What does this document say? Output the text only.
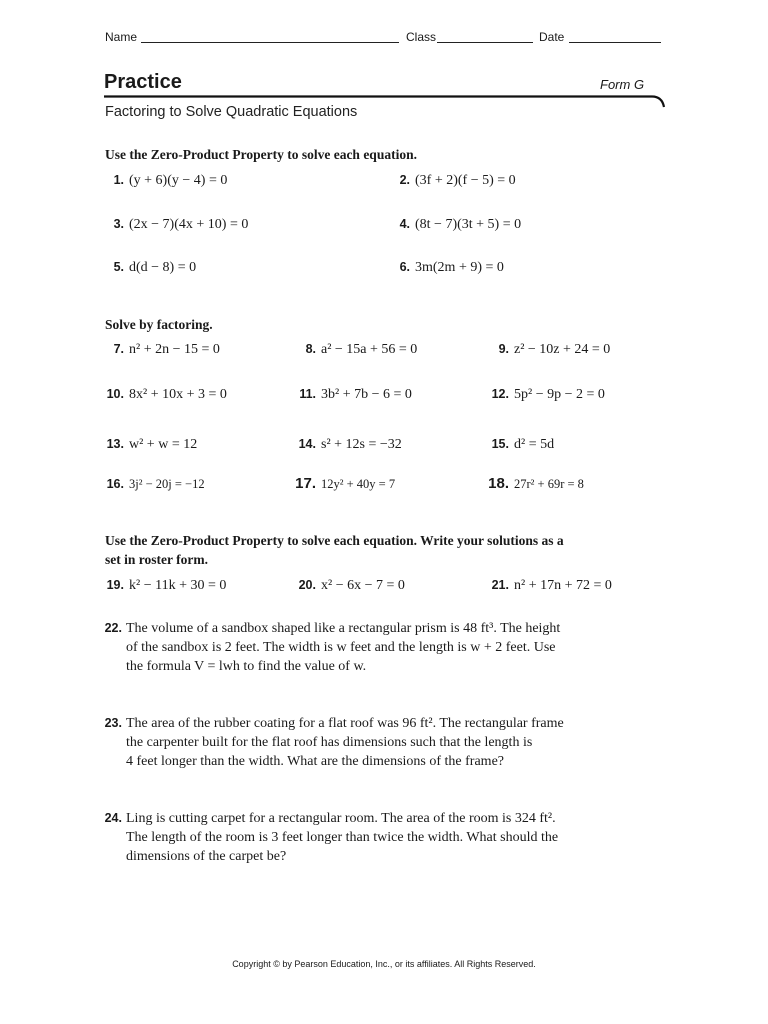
Name	Class	Date
Practice	Form G
Factoring to Solve Quadratic Equations
Use the Zero-Product Property to solve each equation.
1. (y + 6)(y − 4) = 0	2. (3f + 2)(f − 5) = 0
3. (2x − 7)(4x + 10) = 0	4. (8t − 7)(3t + 5) = 0
5. d(d − 8) = 0	6. 3m(2m + 9) = 0
Solve by factoring.
7. n² + 2n − 15 = 0	8. a² − 15a + 56 = 0	9. z² − 10z + 24 = 0
10. 8x² + 10x + 3 = 0	11. 3b² + 7b − 6 = 0	12. 5p² − 9p − 2 = 0
13. w² + w = 12	14. s² + 12s = −32	15. d² = 5d
16. 3j² − 20j = −12	17. 12y² + 40y = 7	18. 27r² + 69r = 8
Use the Zero-Product Property to solve each equation. Write your solutions as a
set in roster form.
19. k² − 11k + 30 = 0	20. x² − 6x − 7 = 0	21. n² + 17n + 72 = 0
22. The volume of a sandbox shaped like a rectangular prism is 48 ft³. The height
of the sandbox is 2 feet. The width is w feet and the length is w + 2 feet. Use
the formula V = lwh to find the value of w.
23. The area of the rubber coating for a flat roof was 96 ft². The rectangular frame
the carpenter built for the flat roof has dimensions such that the length is
4 feet longer than the width. What are the dimensions of the frame?
24. Ling is cutting carpet for a rectangular room. The area of the room is 324 ft².
The length of the room is 3 feet longer than twice the width. What should the
dimensions of the carpet be?
Copyright © by Pearson Education, Inc., or its affiliates. All Rights Reserved.
